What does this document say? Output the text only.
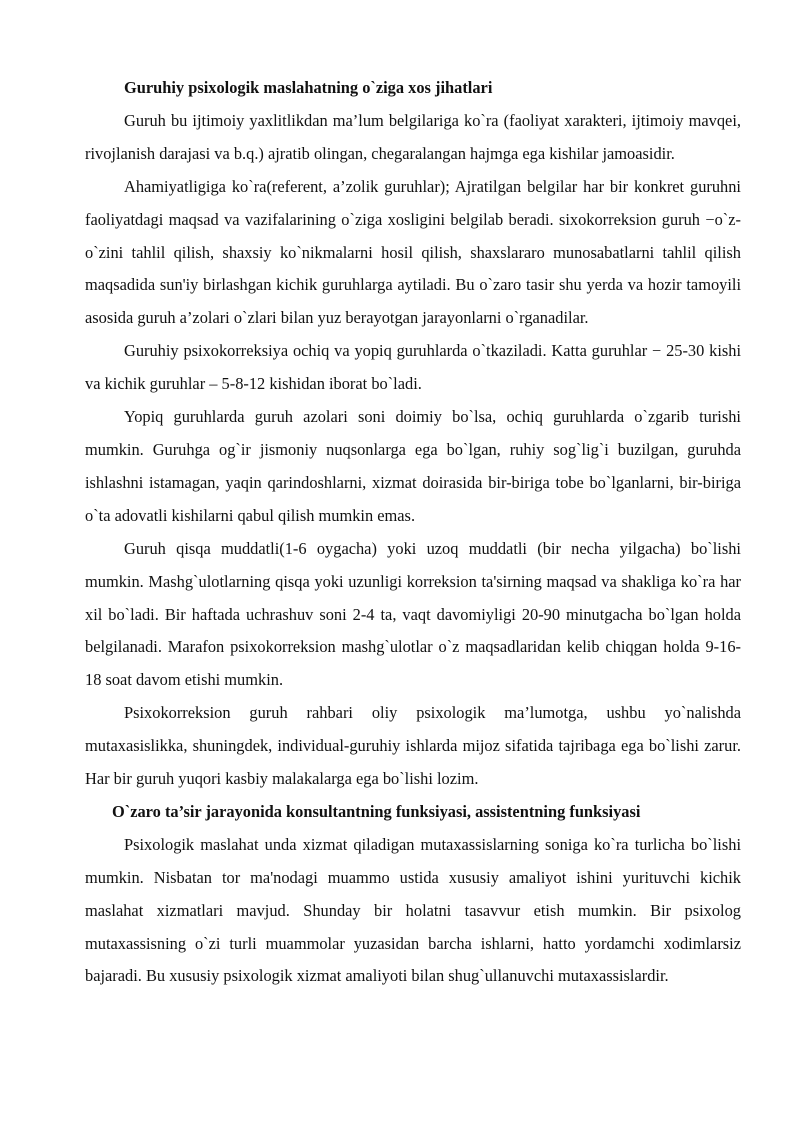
Guruhiy psixologik maslahatning o`ziga xos jihatlari

Guruh bu ijtimoiy yaxlitlikdan ma’lum belgilariga ko`ra (faoliyat xarakteri, ijtimoiy mavqei, rivojlanish darajasi va b.q.) ajratib olingan, chegaralangan hajmga ega kishilar jamoasidir.

Ahamiyatligiga ko`ra(referent, a’zolik guruhlar); Ajratilgan belgilar har bir konkret guruhni faoliyatdagi maqsad va vazifalarining o`ziga xosligini belgilab beradi. sixokorreksion guruh −o`z-o`zini tahlil qilish, shaxsiy ko`nikmalarni hosil qilish, shaxslararo munosabatlarni tahlil qilish maqsadida sun'iy birlashgan kichik guruhlarga aytiladi. Bu o`zaro tasir shu yerda va hozir tamoyili asosida guruh a’zolari o`zlari bilan yuz berayotgan jarayonlarni o`rganadilar.

Guruhiy psixokorreksiya ochiq va yopiq guruhlarda o`tkaziladi. Katta guruhlar − 25-30 kishi va kichik guruhlar – 5-8-12 kishidan iborat bo`ladi.

Yopiq guruhlarda guruh azolari soni doimiy bo`lsa, ochiq guruhlarda o`zgarib turishi mumkin. Guruhga og`ir jismoniy nuqsonlarga ega bo`lgan, ruhiy sog`lig`i buzilgan, guruhda ishlashni istamagan, yaqin qarindoshlarni, xizmat doirasida bir-biriga tobe bo`lganlarni, bir-biriga o`ta adovatli kishilarni qabul qilish mumkin emas.

Guruh qisqa muddatli(1-6 oygacha) yoki uzoq muddatli (bir necha yilgacha) bo`lishi mumkin. Mashg`ulotlarning qisqa yoki uzunligi korreksion ta'sirning maqsad va shakliga ko`ra har xil bo`ladi. Bir haftada uchrashuv soni 2-4 ta, vaqt davomiyligi 20-90 minutgacha bo`lgan holda belgilanadi. Marafon psixokorreksion mashg`ulotlar o`z maqsadlaridan kelib chiqgan holda 9-16-18 soat davom etishi mumkin.

Psixokorreksion guruh rahbari oliy psixologik ma’lumotga, ushbu yo`nalishda mutaxasislikka, shuningdek, individual-guruhiy ishlarda mijoz sifatida tajribaga ega bo`lishi zarur. Har bir guruh yuqori kasbiy malakalarga ega bo`lishi lozim.

O`zaro ta’sir jarayonida konsultantning funksiyasi, assistentning funksiyasi

Psixologik maslahat unda xizmat qiladigan mutaxassislarning soniga ko`ra turlicha bo`lishi mumkin. Nisbatan tor ma'nodagi muammo ustida xususiy amaliyot ishini yurituvchi kichik maslahat xizmatlari mavjud. Shunday bir holatni tasavvur etish mumkin. Bir psixolog mutaxassisning o`zi turli muammolar yuzasidan barcha ishlarni, hatto yordamchi xodimlarsiz bajaradi. Bu xususiy psixologik xizmat amaliyoti bilan shug`ullanuvchi mutaxassislardir.
